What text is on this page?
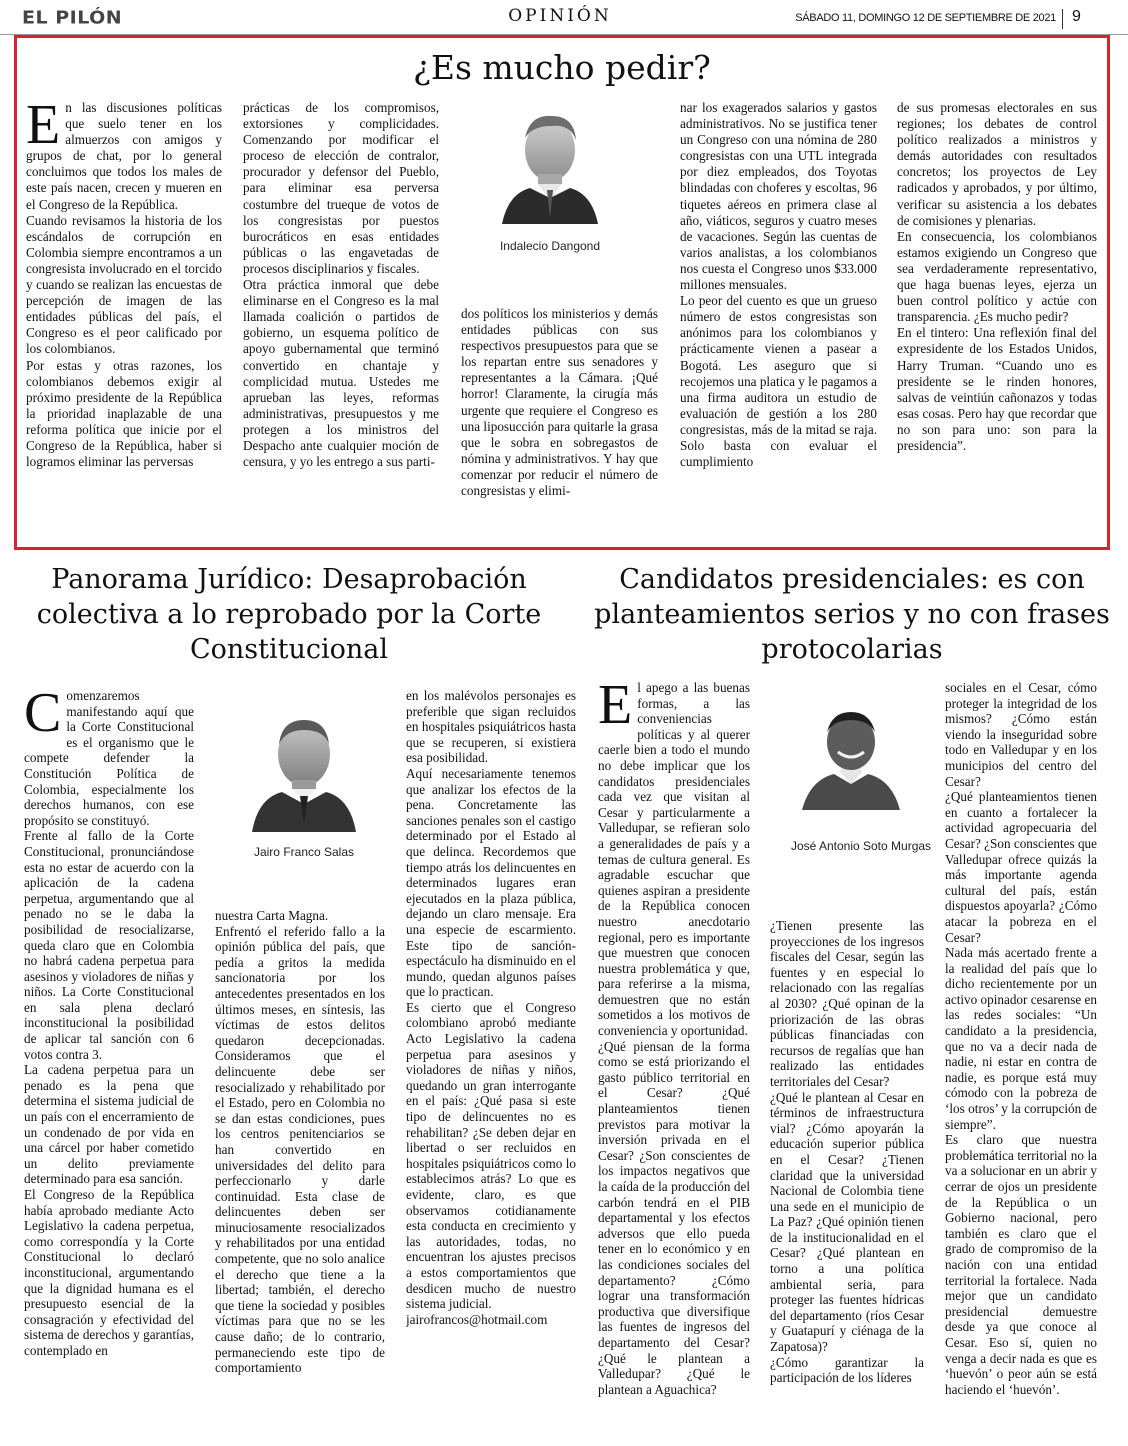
EL PILÓN	OPINIÓN	SÁBADO 11, DOMINGO 12 DE SEPTIEMBRE DE 2021 9
¿Es mucho pedir?
E n las discusiones políticas que suelo tener en los almuerzos con amigos y grupos de chat, por lo general concluimos que todos los males de este país nacen, crecen y mueren en el Congreso de la República.

Cuando revisamos la historia de los escándalos de corrupción en Colombia siempre encontramos a un congresista involucrado en el torcido y cuando se realizan las encuestas de percepción de imagen de las entidades públicas del país, el Congreso es el peor calificado por los colombianos.

Por estas y otras razones, los colombianos debemos exigir al próximo presidente de la República la prioridad inaplazable de una reforma política que inicie por el Congreso de la República, haber si logramos eliminar las perversas

prácticas de los compromisos, extorsiones y complicidades. Comenzando por modificar el proceso de elección de contralor, procurador y defensor del Pueblo, para eliminar esa perversa costumbre del trueque de votos de los congresistas por puestos burocráticos en esas entidades públicas o las engavetadas de procesos disciplinarios y fiscales.

Otra práctica inmoral que debe eliminarse en el Congreso es la mal llamada coalición o partidos de gobierno, un esquema político de apoyo gubernamental que terminó convertido en chantaje y complicidad mutua. Ustedes me aprueban las leyes, reformas administrativas, presupuestos y me protegen a los ministros del Despacho ante cualquier moción de censura, y yo les entrego a sus parti-

Indalecio Dangond

dos políticos los ministerios y demás entidades públicas con sus respectivos presupuestos para que se los repartan entre sus senadores y representantes a la Cámara. ¡Qué horror! Claramente, la cirugía más urgente que requiere el Congreso es una liposucción para quitarle la grasa que le sobra en sobregastos de nómina y administrativos. Y hay que comenzar por reducir el número de congresistas y elimi-

nar los exagerados salarios y gastos administrativos. No se justifica tener un Congreso con una nómina de 280 congresistas con una UTL integrada por diez empleados, dos Toyotas blindadas con choferes y escoltas, 96 tiquetes aéreos en primera clase al año, viáticos, seguros y cuatro meses de vacaciones. Según las cuentas de varios analistas, a los colombianos nos cuesta el Congreso unos $33.000 millones mensuales.

Lo peor del cuento es que un grueso número de estos congresistas son anónimos para los colombianos y prácticamente vienen a pasear a Bogotá. Les aseguro que si recojemos una platica y le pagamos a una firma auditora un estudio de evaluación de gestión a los 280 congresistas, más de la mitad se raja. Solo basta con evaluar el cumplimiento

de sus promesas electorales en sus regiones; los debates de control político realizados a ministros y demás autoridades con resultados concretos; los proyectos de Ley radicados y aprobados, y por último, verificar su asistencia a los debates de comisiones y plenarias.

En consecuencia, los colombianos estamos exigiendo un Congreso que sea verdaderamente representativo, que haga buenas leyes, ejerza un buen control político y actúe con transparencia. ¿Es mucho pedir?

En el tintero: Una reflexión final del expresidente de los Estados Unidos, Harry Truman. “Cuando uno es presidente se le rinden honores, salvas de veintiún cañonazos y todas esas cosas. Pero hay que recordar que no son para uno: son para la presidencia”.

Panorama Jurídico: Desaprobación colectiva a lo reprobado por la Corte Constitucional
C omenzaremos manifestando aquí que la Corte Constitucional es el organismo que le compete defender la Constitución Política de Colombia, especialmente los derechos humanos, con ese propósito se constituyó.

Frente al fallo de la Corte Constitucional, pronunciándose esta no estar de acuerdo con la aplicación de la cadena perpetua, argumentando que al penado no se le daba la posibilidad de resocializarse, queda claro que en Colombia no habrá cadena perpetua para asesinos y violadores de niñas y niños. La Corte Constitucional en sala plena declaró inconstitucional la posibilidad de aplicar tal sanción con 6 votos contra 3.

La cadena perpetua para un penado es la pena que determina el sistema judicial de un país con el encerramiento de un condenado de por vida en una cárcel por haber cometido un delito previamente determinado para esa sanción.

El Congreso de la República había aprobado mediante Acto Legislativo la cadena perpetua, como correspondía y la Corte Constitucional lo declaró inconstitucional, argumentando que la dignidad humana es el presupuesto esencial de la consagración y efectividad del sistema de derechos y garantías, contemplado en

Jairo Franco Salas

nuestra Carta Magna.

Enfrentó el referido fallo a la opinión pública del país, que pedía a gritos la medida sancionatoria por los antecedentes presentados en los últimos meses, en síntesis, las víctimas de estos delitos quedaron decepcionadas. Consideramos que el delincuente debe ser resocializado y rehabilitado por el Estado, pero en Colombia no se dan estas condiciones, pues los centros penitenciarios se han convertido en universidades del delito para perfeccionarlo y darle continuidad. Esta clase de delincuentes deben ser minuciosamente resocializados y rehabilitados por una entidad competente, que no solo analice el derecho que tiene a la libertad; también, el derecho que tiene la sociedad y posibles víctimas para que no se les cause daño; de lo contrario, permaneciendo este tipo de comportamiento

en los malévolos personajes es preferible que sigan recluidos en hospitales psiquiátricos hasta que se recuperen, si existiera esa posibilidad.

Aquí necesariamente tenemos que analizar los efectos de la pena. Concretamente las sanciones penales son el castigo determinado por el Estado al que delinca. Recordemos que tiempo atrás los delincuentes en determinados lugares eran ejecutados en la plaza pública, dejando un claro mensaje. Era una especie de escarmiento. Este tipo de sanción- espectáculo ha disminuido en el mundo, quedan algunos países que lo practican.

Es cierto que el Congreso colombiano aprobó mediante Acto Legislativo la cadena perpetua para asesinos y violadores de niñas y niños, quedando un gran interrogante en el país: ¿Qué pasa si este tipo de delincuentes no es rehabilitan? ¿Se deben dejar en libertad o ser recluidos en hospitales psiquiátricos como lo establecimos atrás? Lo que es evidente, claro, es que observamos cotidianamente esta conducta en crecimiento y las autoridades, todas, no encuentran los ajustes precisos a estos comportamientos que desdicen mucho de nuestro sistema judicial.

jairofrancos@hotmail.com

Candidatos presidenciales: es con planteamientos serios y no con frases protocolarias
E l apego a las buenas formas, a las conveniencias políticas y al querer caerle bien a todo el mundo no debe implicar que los candidatos presidenciales cada vez que visitan al Cesar y particularmente a Valledupar, se refieran solo a generalidades de país y a temas de cultura general. Es agradable escuchar que quienes aspiran a presidente de la República conocen nuestro anecdotario regional, pero es importante que muestren que conocen nuestra problemática y que, para referirse a la misma, demuestren que no están sometidos a los motivos de conveniencia y oportunidad.

¿Qué piensan de la forma como se está priorizando el gasto público territorial en el Cesar? ¿Qué planteamientos tienen previstos para motivar la inversión privada en el Cesar? ¿Son conscientes de los impactos negativos que la caída de la producción del carbón tendrá en el PIB departamental y los efectos adversos que ello pueda tener en lo económico y en las condiciones sociales del departamento? ¿Cómo lograr una transformación productiva que diversifique las fuentes de ingresos del departamento del Cesar? ¿Qué le plantean a Valledupar? ¿Qué le plantean a Aguachica?

José Antonio Soto Murgas

¿Tienen presente las proyecciones de los ingresos fiscales del Cesar, según las fuentes y en especial lo relacionado con las regalías al 2030? ¿Qué opinan de la priorización de las obras públicas financiadas con recursos de regalías que han realizado las entidades territoriales del Cesar?

¿Qué le plantean al Cesar en términos de infraestructura vial? ¿Cómo apoyarán la educación superior pública en el Cesar? ¿Tienen claridad que la universidad Nacional de Colombia tiene una sede en el municipio de La Paz? ¿Qué opinión tienen de la institucionalidad en el Cesar? ¿Qué plantean en torno a una política ambiental seria, para proteger las fuentes hídricas del departamento (ríos Cesar y Guatapurí y ciénaga de la Zapatosa)?

¿Cómo garantizar la participación de los líderes

sociales en el Cesar, cómo proteger la integridad de los mismos? ¿Cómo están viendo la inseguridad sobre todo en Valledupar y en los municipios del centro del Cesar?

¿Qué planteamientos tienen en cuanto a fortalecer la actividad agropecuaria del Cesar? ¿Son conscientes que Valledupar ofrece quizás la más importante agenda cultural del país, están dispuestos apoyarla? ¿Cómo atacar la pobreza en el Cesar?

Nada más acertado frente a la realidad del país que lo dicho recientemente por un activo opinador cesarense en las redes sociales: “Un candidato a la presidencia, que no va a decir nada de nadie, ni estar en contra de nadie, es porque está muy cómodo con la pobreza de ‘los otros’ y la corrupción de siempre”.

Es claro que nuestra problemática territorial no la va a solucionar en un abrir y cerrar de ojos un presidente de la República o un Gobierno nacional, pero también es claro que el grado de compromiso de la nación con una entidad territorial la fortalece. Nada mejor que un candidato presidencial demuestre desde ya que conoce al Cesar. Eso sí, quien no venga a decir nada es que es ‘huevón’ o peor aún se está haciendo el ‘huevón’.
